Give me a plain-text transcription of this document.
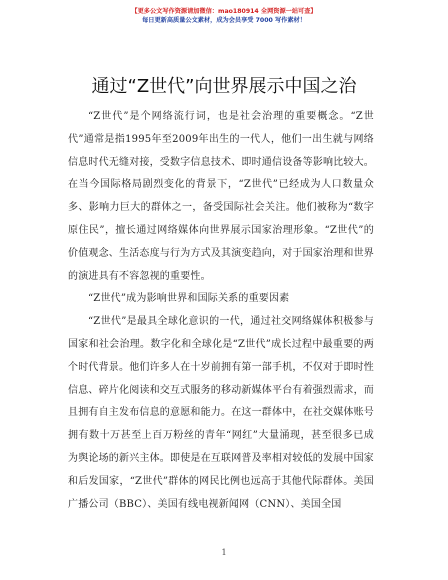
【更多公文写作资源请加微信：mao180914 全网资源一站可查】
每日更新高质量公文素材，成为会员享受 7000 写作素材！
通过“Z世代”向世界展示中国之治

“Z世代”是个网络流行词，也是社会治理的重要概念。“Z世代”通常是指1995年至2009年出生的一代人，他们一出生就与网络信息时代无缝对接，受数字信息技术、即时通信设备等影响比较大。在当今国际格局剧烈变化的背景下，“Z世代”已经成为人口数量众多、影响力巨大的群体之一，备受国际社会关注。他们被称为“数字原住民”，擅长通过网络媒体向世界展示国家治理形象。“Z世代”的价值观念、生活态度与行为方式及其演变趋向，对于国家治理和世界的演进具有不容忽视的重要性。

“Z世代”成为影响世界和国际关系的重要因素

“Z世代”是最具全球化意识的一代，通过社交网络媒体积极参与国家和社会治理。数字化和全球化是“Z世代”成长过程中最重要的两个时代背景。他们许多人在十岁前拥有第一部手机，不仅对于即时性信息、碎片化阅读和交互式服务的移动新媒体平台有着强烈需求，而且拥有自主发布信息的意愿和能力。在这一群体中，在社交媒体账号拥有数十万甚至上百万粉丝的青年“网红”大量涌现，甚至很多已成为舆论场的新兴主体。即使是在互联网普及率相对较低的发展中国家和后发国家，“Z世代”群体的网民比例也远高于其他代际群体。美国广播公司（BBC）、美国有线电视新闻网（CNN）、美国全国

1
